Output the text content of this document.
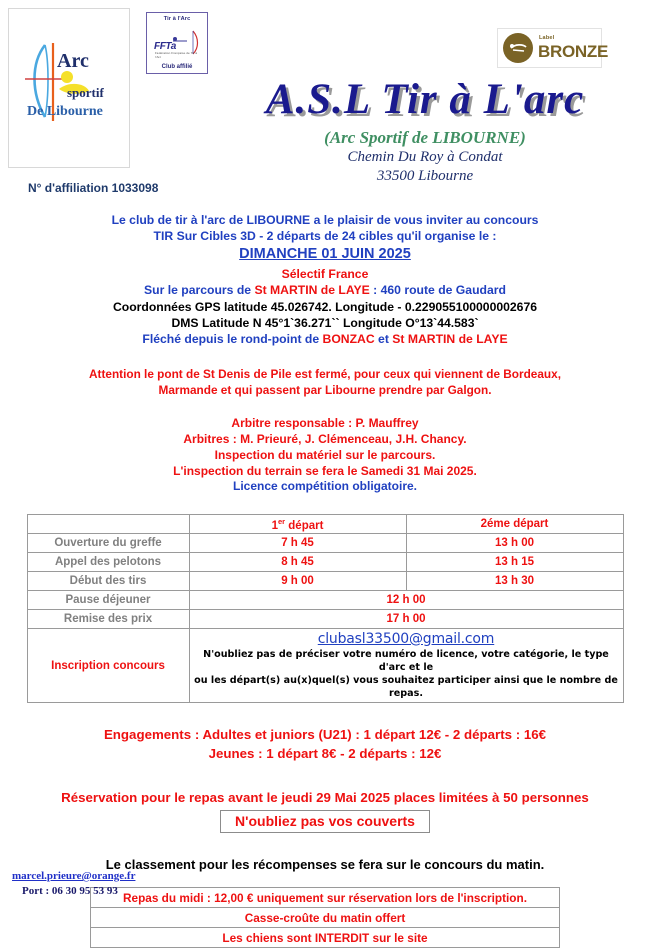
Arc
sportif
De Libourne
Tir à l'Arc
FFTa
Fédération Française de Tir à l'Arc
Club affilié
Label
BRONZE
A.S.L Tir à L'arc
(Arc Sportif de LIBOURNE)
Chemin Du Roy à Condat
33500 Libourne
N° d'affiliation 1033098
Le club de tir à l'arc de LIBOURNE a le plaisir de vous inviter au concours
TIR Sur Cibles 3D - 2 départs de 24 cibles qu'il organise le :
DIMANCHE 01 JUIN 2025
Sélectif France
Sur le parcours de St MARTIN de LAYE : 460 route de Gaudard
Coordonnées GPS latitude 45.026742. Longitude - 0.229055100000002676
DMS Latitude N 45°1`36.271`` Longitude O°13`44.583`
Fléché depuis le rond-point de BONZAC et St MARTIN de LAYE
Attention le pont de St Denis de Pile est fermé, pour ceux qui viennent de Bordeaux,
Marmande et qui passent par Libourne prendre par Galgon.
Arbitre responsable : P. Mauffrey
Arbitres : M. Prieuré, J. Clémenceau, J.H. Chancy.
Inspection du matériel sur le parcours.
L'inspection du terrain se fera le Samedi 31 Mai 2025.
Licence compétition obligatoire.
	1er départ	2éme départ
Ouverture du greffe	7 h 45	13 h 00
Appel des pelotons	8 h 45	13 h 15
Début des tirs	9 h 00	13 h 30
Pause déjeuner	12 h 00	
Remise des prix	17 h 00	
Inscription concours	clubasl33500@gmail.com
N'oubliez pas de préciser votre numéro de licence, votre catégorie, le type d'arc et le
ou les départ(s) au(x)quel(s) vous souhaitez participer ainsi que le nombre de repas.	
Engagements : Adultes et juniors (U21) : 1 départ 12€ - 2 départs : 16€
Jeunes : 1 départ 8€ - 2 départs : 12€
Réservation pour le repas avant le jeudi 29 Mai 2025 places limitées à 50 personnes
N'oubliez pas vos couverts
Le classement pour les récompenses se fera sur le concours du matin.
Repas du midi : 12,00 € uniquement sur réservation lors de l'inscription.
Casse-croûte du matin offert
Les chiens sont INTERDIT sur le site
marcel.prieure@orange.fr
Port : 06 30 95 53 93
